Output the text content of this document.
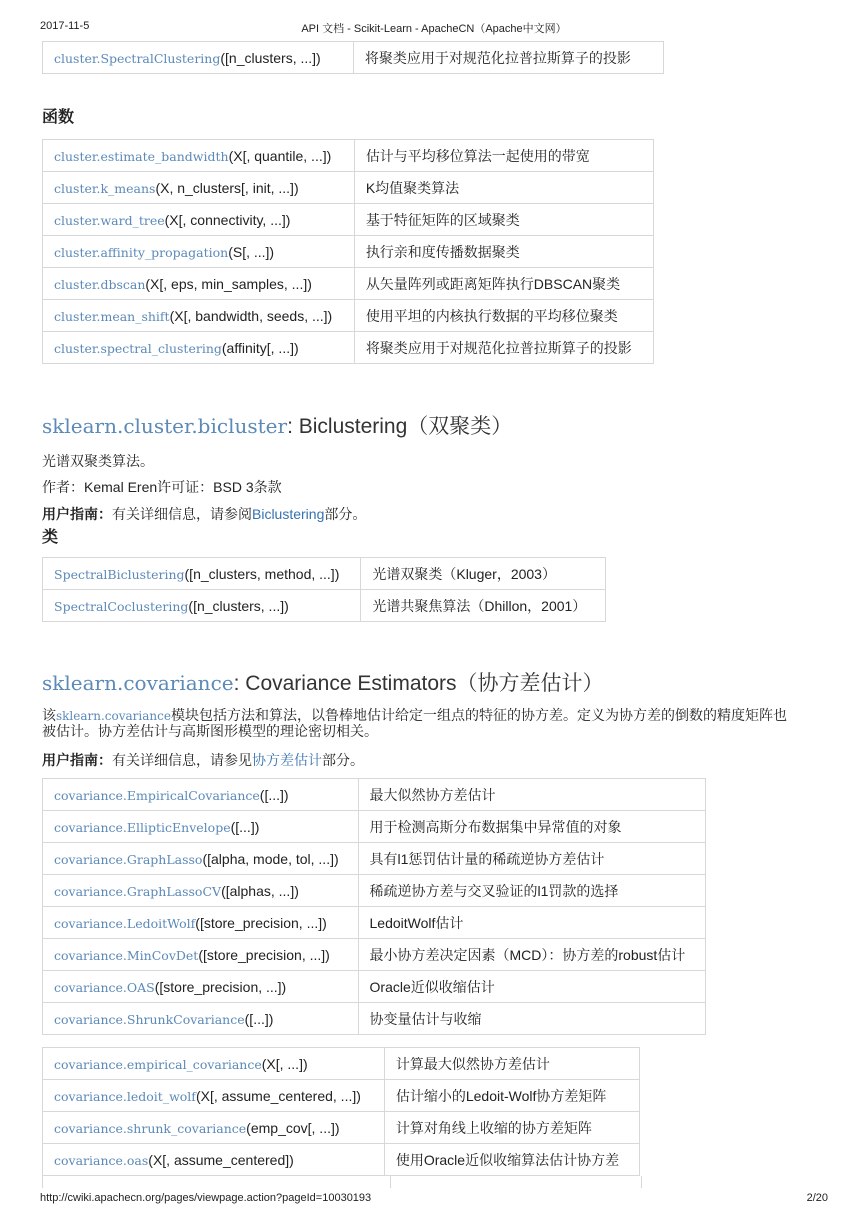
2017-11-5	API 文档 - Scikit-Learn - ApacheCN（Apache中文网）
cluster.SpectralClustering([n_clusters, ...])	将聚类应用于对规范化拉普拉斯算子的投影
函数
cluster.estimate_bandwidth(X[, quantile, ...])	估计与平均移位算法一起使用的带宽
cluster.k_means(X, n_clusters[, init, ...])	K均值聚类算法
cluster.ward_tree(X[, connectivity, ...])	基于特征矩阵的区域聚类
cluster.affinity_propagation(S[, ...])	执行亲和度传播数据聚类
cluster.dbscan(X[, eps, min_samples, ...])	从矢量阵列或距离矩阵执行DBSCAN聚类
cluster.mean_shift(X[, bandwidth, seeds, ...])	使用平坦的内核执行数据的平均移位聚类
cluster.spectral_clustering(affinity[, ...])	将聚类应用于对规范化拉普拉斯算子的投影
sklearn.cluster.bicluster: Biclustering（双聚类）
光谱双聚类算法。
作者：Kemal Eren许可证：BSD 3条款
用户指南：有关详细信息，请参阅Biclustering部分。
类
SpectralBiclustering([n_clusters, method, ...])	光谱双聚类（Kluger，2003）
SpectralCoclustering([n_clusters, ...])	光谱共聚焦算法（Dhillon，2001）
sklearn.covariance: Covariance Estimators（协方差估计）
该sklearn.covariance模块包括方法和算法，以鲁棒地估计给定一组点的特征的协方差。定义为协方差的倒数的精度矩阵也
被估计。协方差估计与高斯图形模型的理论密切相关。
用户指南：有关详细信息，请参见协方差估计部分。
covariance.EmpiricalCovariance([...])	最大似然协方差估计
covariance.EllipticEnvelope([...])	用于检测高斯分布数据集中异常值的对象
covariance.GraphLasso([alpha, mode, tol, ...])	具有l1惩罚估计量的稀疏逆协方差估计
covariance.GraphLassoCV([alphas, ...])	稀疏逆协方差与交叉验证的l1罚款的选择
covariance.LedoitWolf([store_precision, ...])	LedoitWolf估计
covariance.MinCovDet([store_precision, ...])	最小协方差决定因素（MCD）：协方差的robust估计
covariance.OAS([store_precision, ...])	Oracle近似收缩估计
covariance.ShrunkCovariance([...])	协变量估计与收缩
covariance.empirical_covariance(X[, ...])	计算最大似然协方差估计
covariance.ledoit_wolf(X[, assume_centered, ...])	估计缩小的Ledoit-Wolf协方差矩阵
covariance.shrunk_covariance(emp_cov[, ...])	计算对角线上收缩的协方差矩阵
covariance.oas(X[, assume_centered])	使用Oracle近似收缩算法估计协方差
http://cwiki.apachecn.org/pages/viewpage.action?pageId=10030193	2/20
